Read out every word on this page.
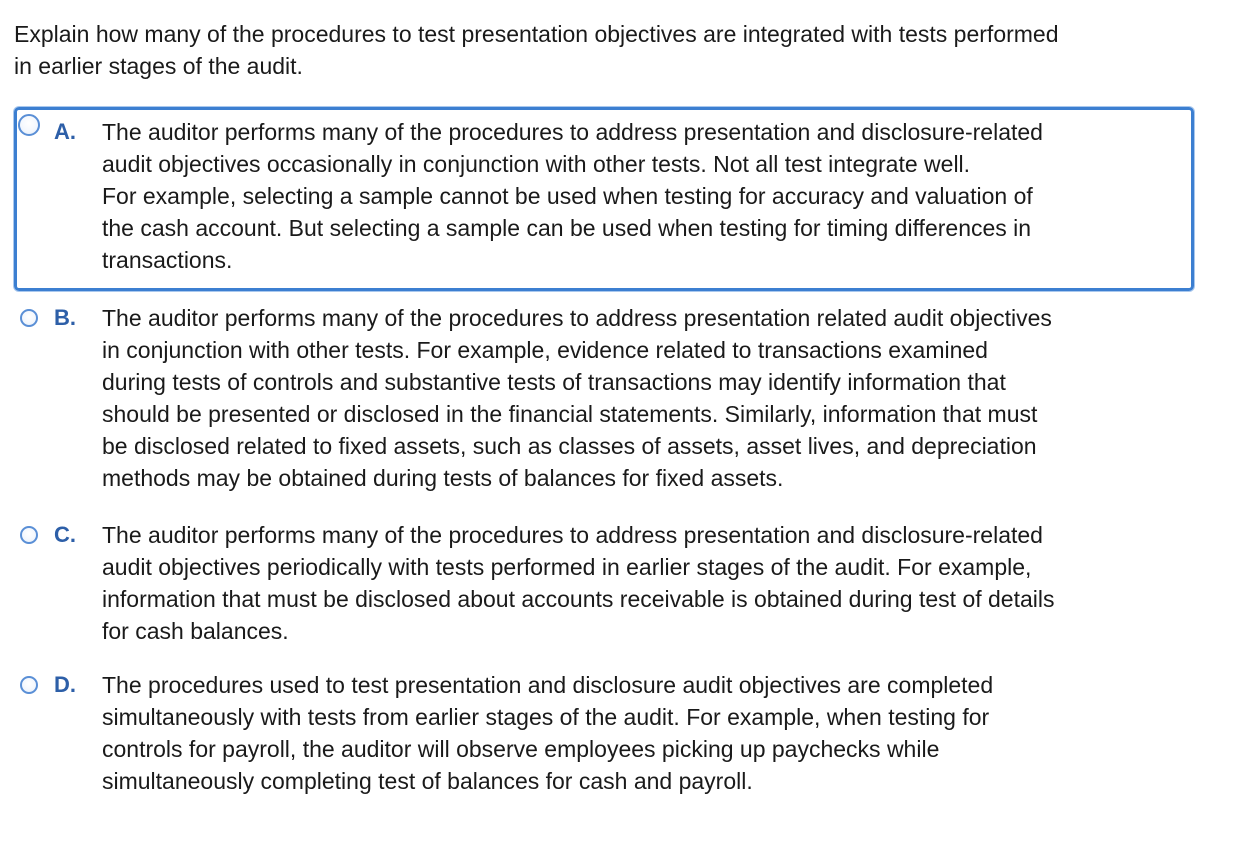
Explain how many of the procedures to test presentation objectives are integrated with tests performed
in earlier stages of the audit.
A. The auditor performs many of the procedures to address presentation and disclosure-related
audit objectives occasionally in conjunction with other tests. Not all test integrate well.
For example, selecting a sample cannot be used when testing for accuracy and valuation of
the cash account. But selecting a sample can be used when testing for timing differences in
transactions.
B. The auditor performs many of the procedures to address presentation related audit objectives
in conjunction with other tests. For example, evidence related to transactions examined
during tests of controls and substantive tests of transactions may identify information that
should be presented or disclosed in the financial statements. Similarly, information that must
be disclosed related to fixed assets, such as classes of assets, asset lives, and depreciation
methods may be obtained during tests of balances for fixed assets.
C. The auditor performs many of the procedures to address presentation and disclosure-related
audit objectives periodically with tests performed in earlier stages of the audit. For example,
information that must be disclosed about accounts receivable is obtained during test of details
for cash balances.
D. The procedures used to test presentation and disclosure audit objectives are completed
simultaneously with tests from earlier stages of the audit. For example, when testing for
controls for payroll, the auditor will observe employees picking up paychecks while
simultaneously completing test of balances for cash and payroll.
